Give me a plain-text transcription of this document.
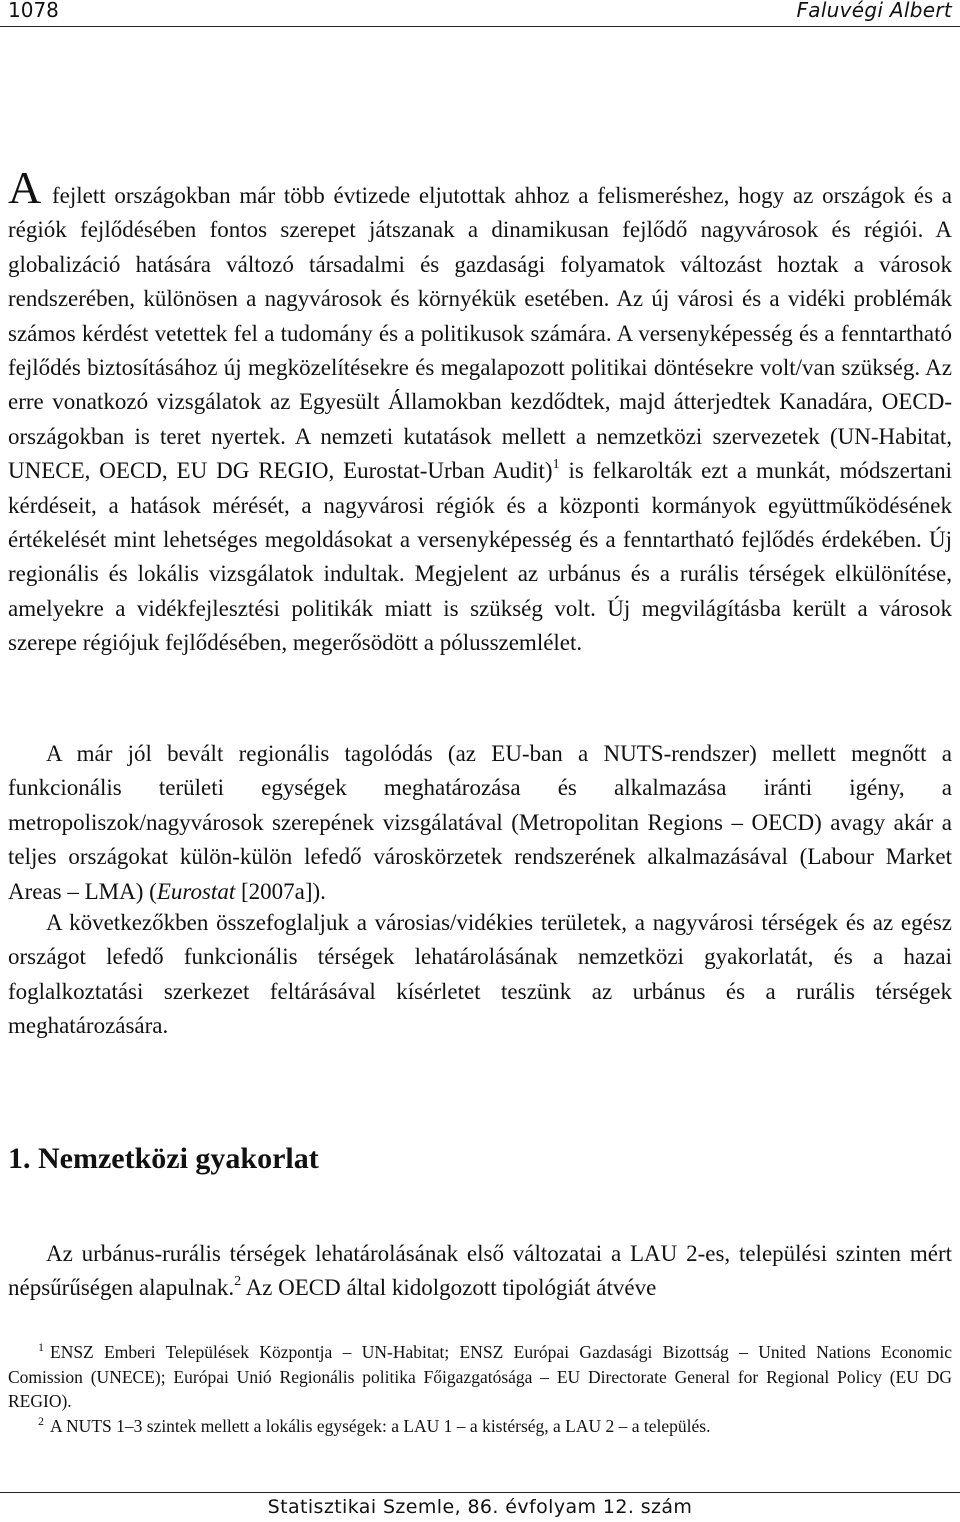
1078	Faluvégi Albert

A fejlett országokban már több évtizede eljutottak ahhoz a felismeréshez, hogy az országok és a régiók fejlődésében fontos szerepet játszanak a dinamikusan fejlődő nagyvárosok és régiói. A globalizáció hatására változó társadalmi és gazdasági folyamatok változást hoztak a városok rendszerében, különösen a nagyvárosok és környékük esetében. Az új városi és a vidéki problémák számos kérdést vetettek fel a tudomány és a politikusok számára. A versenyképesség és a fenntartható fejlődés biztosításához új megközelítésekre és megalapozott politikai döntésekre volt/van szükség. Az erre vonatkozó vizsgálatok az Egyesült Államokban kezdődtek, majd átterjedtek Kanadára, OECD-országokban is teret nyertek. A nemzeti kutatások mellett a nemzetközi szervezetek (UN-Habitat, UNECE, OECD, EU DG REGIO, Eurostat-Urban Audit)$^1$ is felkarolták ezt a munkát, módszertani kérdéseit, a hatások mérését, a nagyvárosi régiók és a központi kormányok együttműködésének értékelését mint lehetséges megoldásokat a versenyképesség és a fenntartható fejlődés érdekében. Új regionális és lokális vizsgálatok indultak. Megjelent az urbánus és a rurális térségek elkülönítése, amelyekre a vidékfejlesztési politikák miatt is szükség volt. Új megvilágításba került a városok szerepe régiójuk fejlődésében, megerősödött a pólusszemlélet.

A már jól bevált regionális tagolódás (az EU-ban a NUTS-rendszer) mellett megnőtt a funkcionális területi egységek meghatározása és alkalmazása iránti igény, a metropoliszok/nagyvárosok szerepének vizsgálatával (Metropolitan Regions – OECD) avagy akár a teljes országokat külön-külön lefedő városkörzetek rendszerének alkalmazásával (Labour Market Areas – LMA) (Eurostat [2007a]).

A következőkben összefoglaljuk a városias/vidékies területek, a nagyvárosi térségek és az egész országot lefedő funkcionális térségek lehatárolásának nemzetközi gyakorlatát, és a hazai foglalkoztatási szerkezet feltárásával kísérletet teszünk az urbánus és a rurális térségek meghatározására.

1. Nemzetközi gyakorlat

Az urbánus-rurális térségek lehatárolásának első változatai a LAU 2-es, települési szinten mért népsűrűségen alapulnak.$^2$ Az OECD által kidolgozott tipológiát átvéve

$^1$ ENSZ Emberi Települések Központja – UN-Habitat; ENSZ Európai Gazdasági Bizottság – United Nations Economic Comission (UNECE); Európai Unió Regionális politika Főigazgatósága – EU Directorate General for Regional Policy (EU DG REGIO).

$^2$ A NUTS 1–3 szintek mellett a lokális egységek: a LAU 1 – a kistérség, a LAU 2 – a település.

Statisztikai Szemle, 86. évfolyam 12. szám
